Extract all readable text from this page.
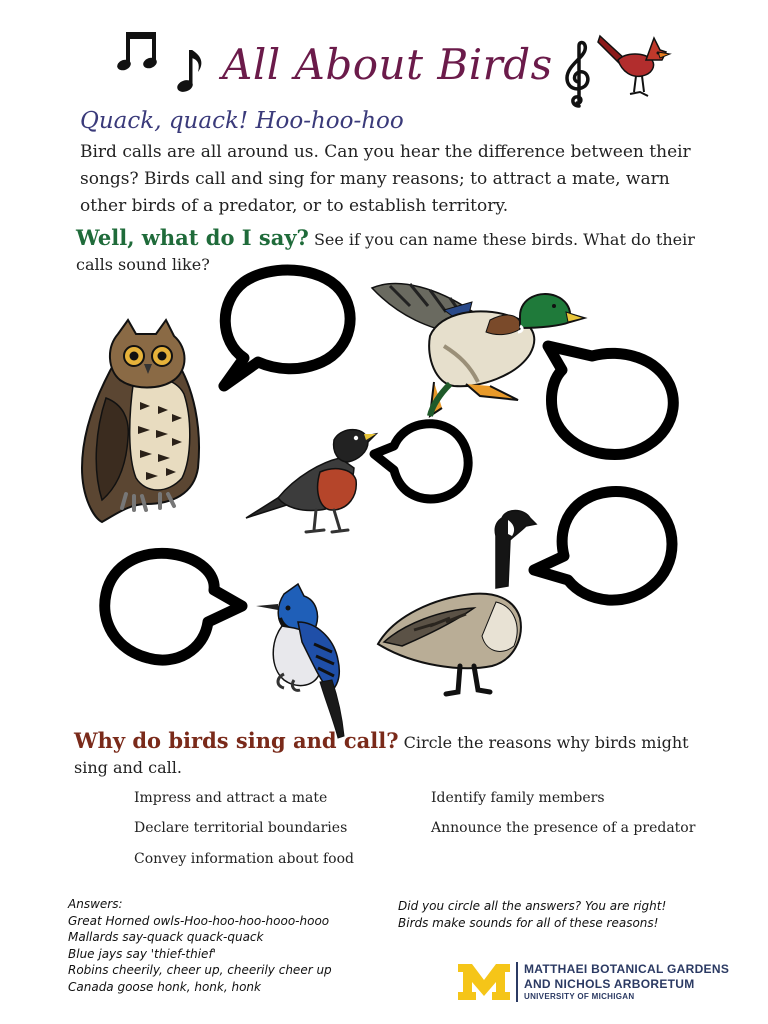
All About Birds
Quack, quack! Hoo-hoo-hoo
Bird calls are all around us. Can you hear the difference between their songs? Birds call and sing for many reasons; to attract a mate, warn other birds of a predator, or to establish territory.
Well, what do I say? See if you can name these birds. What do their calls sound like?
Why do birds sing and call? Circle the reasons why birds might sing and call.
Impress and attract a mate
Declare territorial boundaries
Convey information about food
Identify family members
Announce the presence of a predator
Answers:
Great Horned owls-Hoo-hoo-hoo-hooo-hooo
Mallards say-quack quack-quack
Blue jays say 'thief-thief'
Robins cheerily, cheer up, cheerily cheer up
Canada goose honk, honk, honk
Did you circle all the answers? You are right! Birds make sounds for all of these reasons!
MATTHAEI BOTANICAL GARDENS
AND NICHOLS ARBORETUM
UNIVERSITY OF MICHIGAN
